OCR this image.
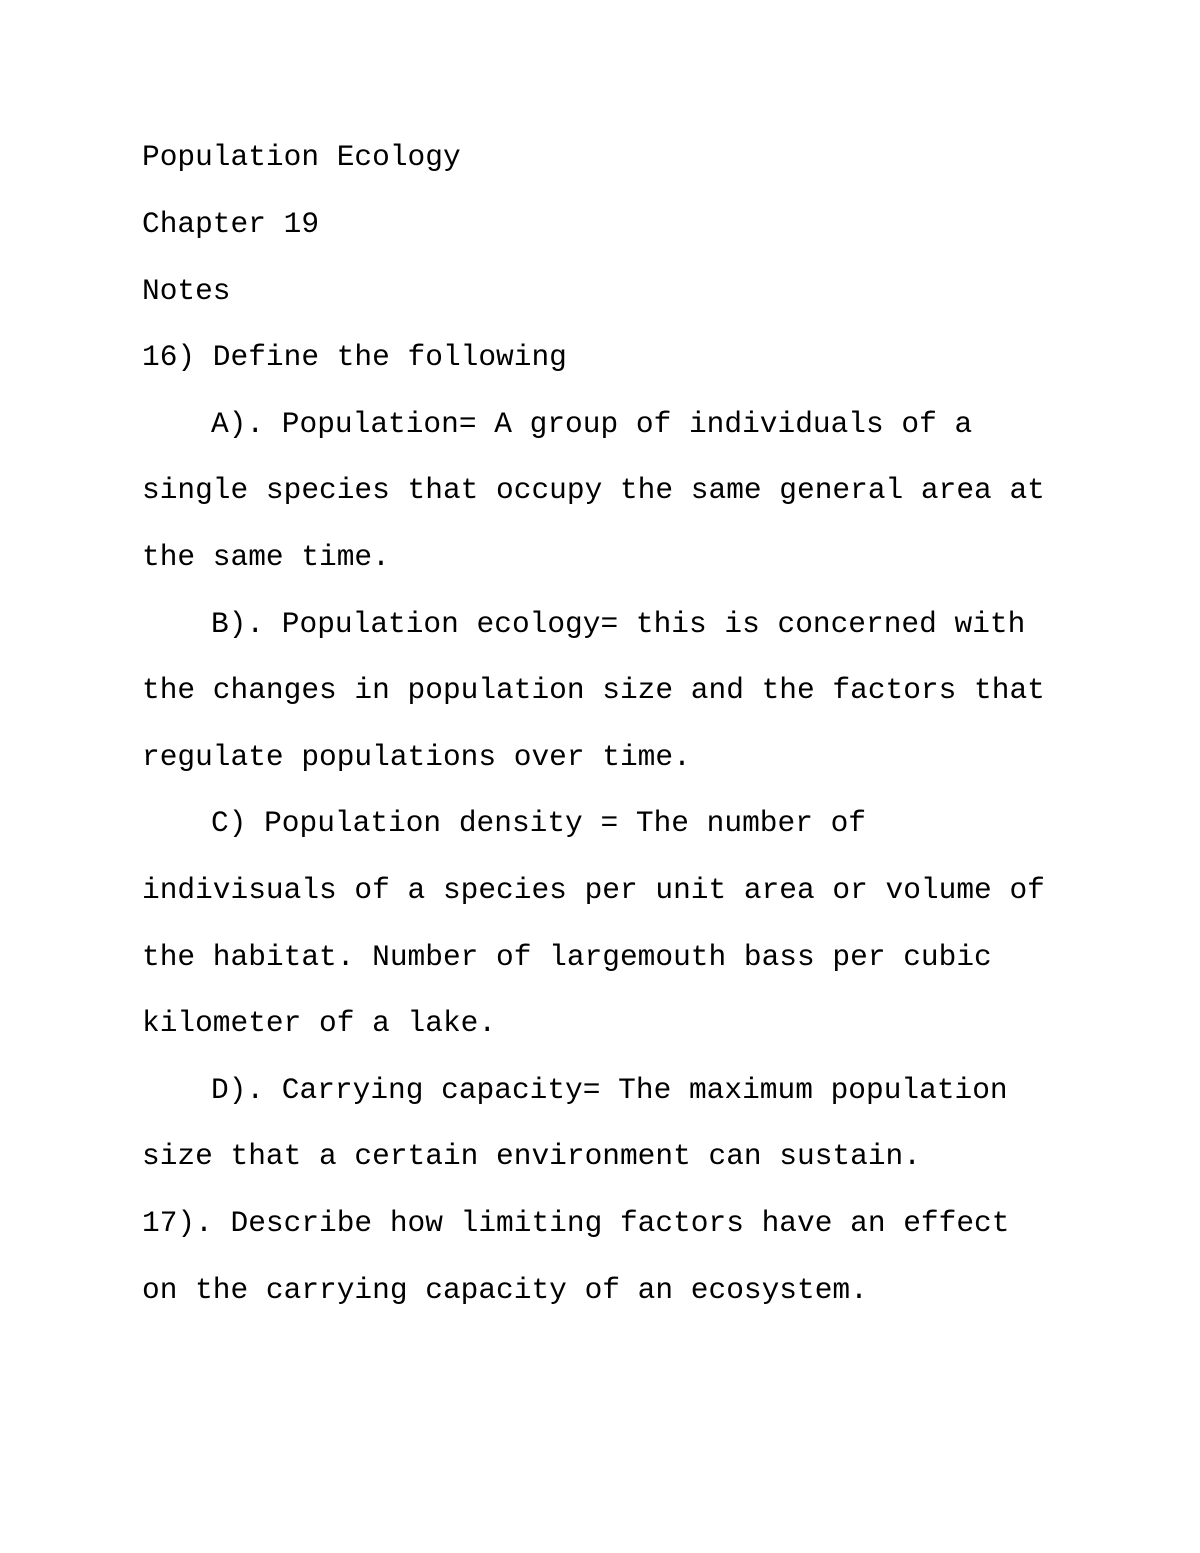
Population Ecology

Chapter 19

Notes

16) Define the following

A). Population= A group of individuals of a

single species that occupy the same general area at

the same time.

B). Population ecology= this is concerned with

the changes in population size and the factors that

regulate populations over time.

C) Population density = The number of

indivisuals of a species per unit area or volume of

the habitat. Number of largemouth bass per cubic

kilometer of a lake.

D). Carrying capacity= The maximum population

size that a certain environment can sustain.

17). Describe how limiting factors have an effect

on the carrying capacity of an ecosystem.
